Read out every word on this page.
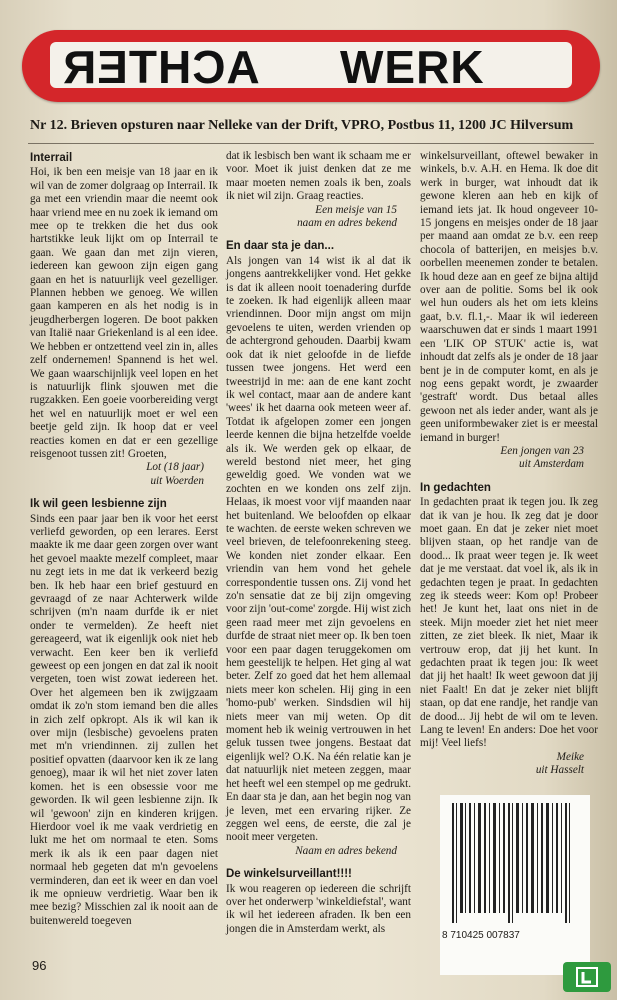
ACHTER WERK
Nr 12. Brieven opsturen naar Nelleke van der Drift, VPRO, Postbus 11, 1200 JC Hilversum
Interrail

Hoi, ik ben een meisje van 18 jaar en ik wil van de zomer dolgraag op Interrail. Ik ga met een vriendin maar die neemt ook haar vriend mee en nu zoek ik iemand om mee op te trekken die het dus ook hartstikke leuk lijkt om op Interrail te gaan. We gaan dan met zijn vieren, iedereen kan gewoon zijn eigen gang gaan en het is natuurlijk veel gezelliger. Plannen hebben we genoeg. We willen gaan kamperen en als het nodig is in jeugdherbergen logeren. De boot pakken van Italië naar Griekenland is al een idee. We hebben er ontzettend veel zin in, alles zelf ondernemen! Spannend is het wel. We gaan waarschijnlijk veel lopen en het is natuurlijk flink sjouwen met die rugzakken. Een goeie voorbereiding vergt het wel en natuurlijk moet er wel een beetje geld zijn. Ik hoop dat er veel reacties komen en dat er een gezellige reisgenoot tussen zit! Groeten,

Lot (18 jaar)
uit Woerden
Ik wil geen lesbienne zijn

Sinds een paar jaar ben ik voor het eerst verliefd geworden, op een lerares. Eerst maakte ik me daar geen zorgen over want het gevoel maakte mezelf compleet, maar nu zegt iets in me dat ik verkeerd bezig ben. Ik heb haar een brief gestuurd en gevraagd of ze naar Achterwerk wilde schrijven (m'n naam durfde ik er niet onder te vermelden). Ze heeft niet gereageerd, wat ik eigenlijk ook niet heb verwacht. Een keer ben ik verliefd geweest op een jongen en dat zal ik nooit vergeten, toen wist zowat iedereen het. Over het algemeen ben ik zwijgzaam omdat ik zo'n stom iemand ben die alles in zich zelf opkropt. Als ik wil kan ik over mijn (lesbische) gevoelens praten met m'n vriendinnen. zij zullen het positief opvatten (daarvoor ken ik ze lang genoeg), maar ik wil het niet zover laten komen. het is een obsessie voor me geworden. Ik wil geen lesbienne zijn. Ik wil 'gewoon' zijn en kinderen krijgen. Hierdoor voel ik me vaak verdrietig en lukt me het om normaal te eten. Soms merk ik als ik een paar dagen niet normaal heb gegeten dat m'n gevoelens verminderen, dan eet ik weer en dan voel ik me opnieuw verdrietig. Waar ben ik mee bezig? Misschien zal ik nooit aan de buitenwereld toegeven

dat ik lesbisch ben want ik schaam me er voor. Moet ik juist denken dat ze me maar moeten nemen zoals ik ben, zoals ik niet wil zijn. Graag reacties.

Een meisje van 15
naam en adres bekend
En daar sta je dan...

Als jongen van 14 wist ik al dat ik jongens aantrekkelijker vond. Het gekke is dat ik alleen nooit toenadering durfde te zoeken. Ik had eigenlijk alleen maar vriendinnen. Door mijn angst om mijn gevoelens te uiten, werden vrienden op de achtergrond gehouden. Daarbij kwam ook dat ik niet geloofde in de liefde tussen twee jongens. Het werd een tweestrijd in me: aan de ene kant zocht ik wel contact, maar aan de andere kant 'wees' ik het daarna ook meteen weer af. Totdat ik afgelopen zomer een jongen leerde kennen die bijna hetzelfde voelde als ik. We werden gek op elkaar, de wereld bestond niet meer, het ging geweldig goed. We vonden wat we zochten en we konden ons zelf zijn. Helaas, ik moest voor vijf maanden naar het buitenland. We beloofden op elkaar te wachten. de eerste weken schreven we veel brieven, de telefoonrekening steeg. We konden niet zonder elkaar. Een vriendin van hem vond het gehele correspondentie tussen ons. Zij vond het zo'n sensatie dat ze bij zijn omgeving voor zijn 'out-come' zorgde. Hij wist zich geen raad meer met zijn gevoelens en durfde de straat niet meer op. Ik ben toen voor een paar dagen teruggekomen om hem geestelijk te helpen. Het ging al wat beter. Zelf zo goed dat het hem allemaal niets meer kon schelen. Hij ging in een 'homo-pub' werken. Sindsdien wil hij niets meer van mij weten. Op dit moment heb ik weinig vertrouwen in het geluk tussen twee jongens. Bestaat dat eigenlijk wel? O.K. Na één relatie kan je dat natuurlijk niet meteen zeggen, maar het heeft wel een stempel op me gedrukt. En daar sta je dan, aan het begin nog van je leven, met een ervaring rijker. Ze zeggen wel eens, de eerste, die zal je nooit meer vergeten.

Naam en adres bekend
De winkelsurveillant!!!!

Ik wou reageren op iedereen die schrijft over het onderwerp 'winkeldiefstal', want ik wil het iedereen afraden. Ik ben een jongen die in Amsterdam werkt, als

winkelsurveillant, oftewel bewaker in winkels, b.v. A.H. en Hema. Ik doe dit werk in burger, wat inhoudt dat ik gewone kleren aan heb en kijk of iemand iets jat. Ik houd ongeveer 10-15 jongens en meisjes onder de 18 jaar per maand aan omdat ze b.v. een reep chocola of batterijen, en meisjes b.v. oorbellen meenemen zonder te betalen. Ik houd deze aan en geef ze bijna altijd over aan de politie. Soms bel ik ook wel hun ouders als het om iets kleins gaat, b.v. fl.1,-. Maar ik wil iedereen waarschuwen dat er sinds 1 maart 1991 een 'LIK OP STUK' actie is, wat inhoudt dat zelfs als je onder de 18 jaar bent je in de computer komt, en als je nog eens gepakt wordt, je zwaarder 'gestraft' wordt. Dus betaal alles gewoon net als ieder ander, want als je geen uniformbewaker ziet is er meestal iemand in burger!

Een jongen van 23
uit Amsterdam
In gedachten

In gedachten praat ik tegen jou. Ik zeg dat ik van je hou. Ik zeg dat je door moet gaan. En dat je zeker niet moet blijven staan, op het randje van de dood... Ik praat weer tegen je. Ik weet dat je me verstaat. dat voel ik, als ik in gedachten tegen je praat. In gedachten zeg ik steeds weer: Kom op! Probeer het! Je kunt het, laat ons niet in de steek. Mijn moeder ziet het niet meer zitten, ze ziet bleek. Ik niet, Maar ik vertrouw erop, dat jij het kunt. In gedachten praat ik tegen jou: Ik weet dat jij het haalt! Ik weet gewoon dat jij niet Faalt! En dat je zeker niet blijft staan, op dat ene randje, het randje van de dood... Jij hebt de wil om te leven. Lang te leven! En anders: Doe het voor mij! Veel liefs!

Meike
uit Hasselt
8 710425 007837
96
